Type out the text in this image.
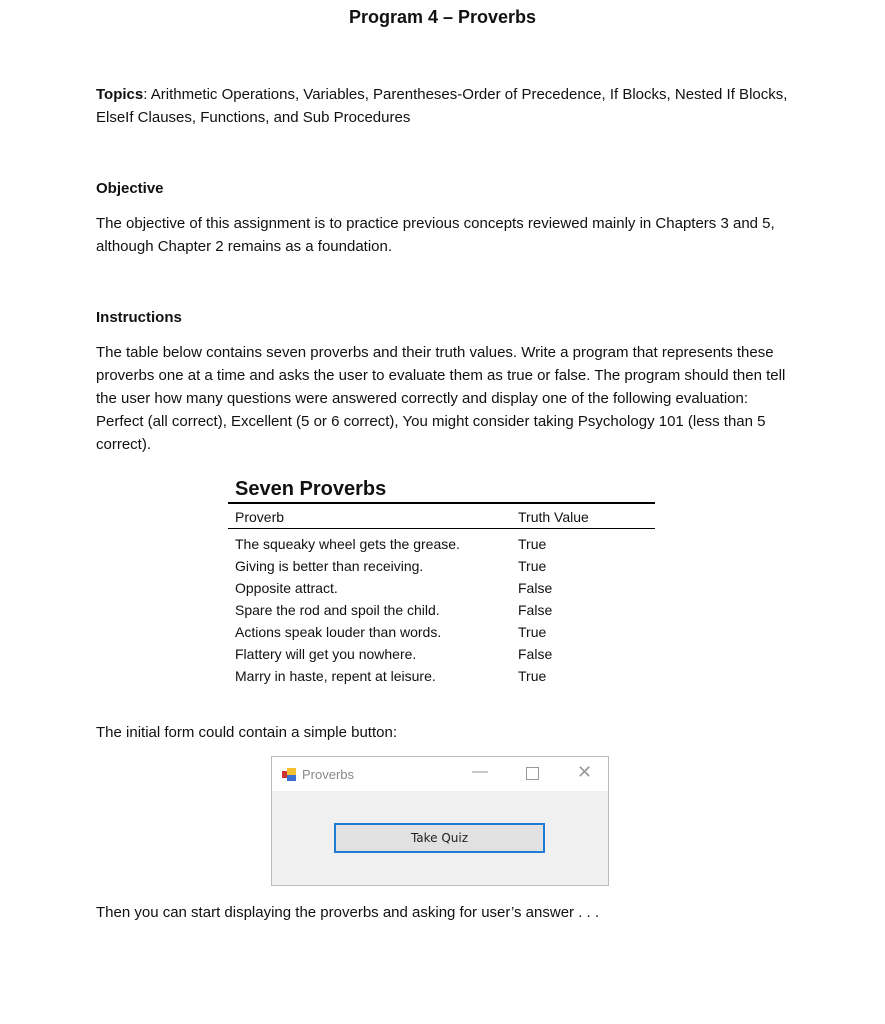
Program 4 – Proverbs
Topics: Arithmetic Operations, Variables, Parentheses-Order of Precedence, If Blocks, Nested If Blocks, ElseIf Clauses, Functions, and Sub Procedures
Objective
The objective of this assignment is to practice previous concepts reviewed mainly in Chapters 3 and 5, although Chapter 2 remains as a foundation.
Instructions
The table below contains seven proverbs and their truth values. Write a program that represents these proverbs one at a time and asks the user to evaluate them as true or false. The program should then tell the user how many questions were answered correctly and display one of the following evaluation: Perfect (all correct), Excellent (5 or 6 correct), You might consider taking Psychology 101 (less than 5 correct).
Seven Proverbs
Proverb	Truth Value
The squeaky wheel gets the grease.	True
Giving is better than receiving.	True
Opposite attract.	False
Spare the rod and spoil the child.	False
Actions speak louder than words.	True
Flattery will get you nowhere.	False
Marry in haste, repent at leisure.	True
The initial form could contain a simple button:
Proverbs	—	✕
Take Quiz
Then you can start displaying the proverbs and asking for user’s answer . . .
